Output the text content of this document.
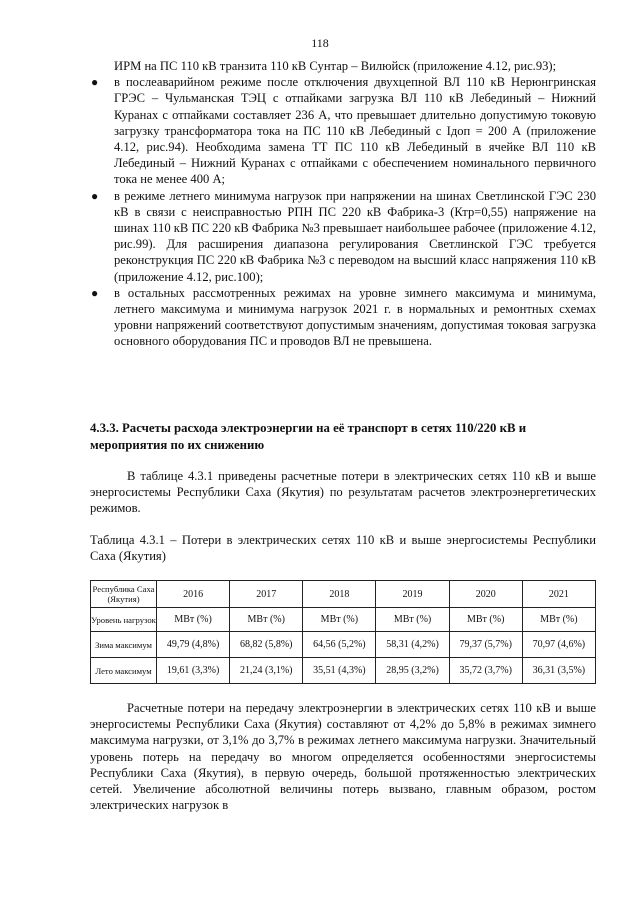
118
ИРМ на ПС 110 кВ транзита 110 кВ Сунтар – Вилюйск (приложение 4.12, рис.93);
● в послеаварийном режиме после отключения двухцепной ВЛ 110 кВ Нерюнгринская ГРЭС – Чульманская ТЭЦ с отпайками загрузка ВЛ 110 кВ Лебединый – Нижний Куранах с отпайками составляет 236 А, что превышает длительно допустимую токовую загрузку трансформатора тока на ПС 110 кВ Лебединый с Iдоп = 200 А (приложение 4.12, рис.94). Необходима замена ТТ ПС 110 кВ Лебединый в ячейке ВЛ 110 кВ Лебединый – Нижний Куранах с отпайками с обеспечением номинального первичного тока не менее 400 А;
● в режиме летнего минимума нагрузок при напряжении на шинах Светлинской ГЭС 230 кВ в связи с неисправностью РПН ПС 220 кВ Фабрика-3 (Ктр=0,55) напряжение на шинах 110 кВ ПС 220 кВ Фабрика №3 превышает наибольшее рабочее (приложение 4.12, рис.99). Для расширения диапазона регулирования Светлинской ГЭС требуется реконструкция ПС 220 кВ Фабрика №3 с переводом на высший класс напряжения 110 кВ (приложение 4.12, рис.100);
● в остальных рассмотренных режимах на уровне зимнего максимума и минимума, летнего максимума и минимума нагрузок 2021 г. в нормальных и ремонтных схемах уровни напряжений соответствуют допустимым значениям, допустимая токовая загрузка основного оборудования ПС и проводов ВЛ не превышена.
4.3.3. Расчеты расхода электроэнергии на её транспорт в сетях 110/220 кВ и мероприятия по их снижению
В таблице 4.3.1 приведены расчетные потери в электрических сетях 110 кВ и выше энергосистемы Республики Саха (Якутия) по результатам расчетов электроэнергетических режимов.
Таблица 4.3.1 – Потери в электрических сетях 110 кВ и выше энергосистемы Республики Саха (Якутия)
Республика Саха (Якутия)	2016	2017	2018	2019	2020	2021
Уровень нагрузок	МВт (%)	МВт (%)	МВт (%)	МВт (%)	МВт (%)	МВт (%)
Зима максимум	49,79 (4,8%)	68,82 (5,8%)	64,56 (5,2%)	58,31 (4,2%)	79,37 (5,7%)	70,97 (4,6%)
Лето максимум	19,61 (3,3%)	21,24 (3,1%)	35,51 (4,3%)	28,95 (3,2%)	35,72 (3,7%)	36,31 (3,5%)
Расчетные потери на передачу электроэнергии в электрических сетях 110 кВ и выше энергосистемы Республики Саха (Якутия) составляют от 4,2% до 5,8% в режимах зимнего максимума нагрузки, от 3,1% до 3,7% в режимах летнего максимума нагрузки. Значительный уровень потерь на передачу во многом определяется особенностями энергосистемы Республики Саха (Якутия), в первую очередь, большой протяженностью электрических сетей. Увеличение абсолютной величины потерь вызвано, главным образом, ростом электрических нагрузок в
